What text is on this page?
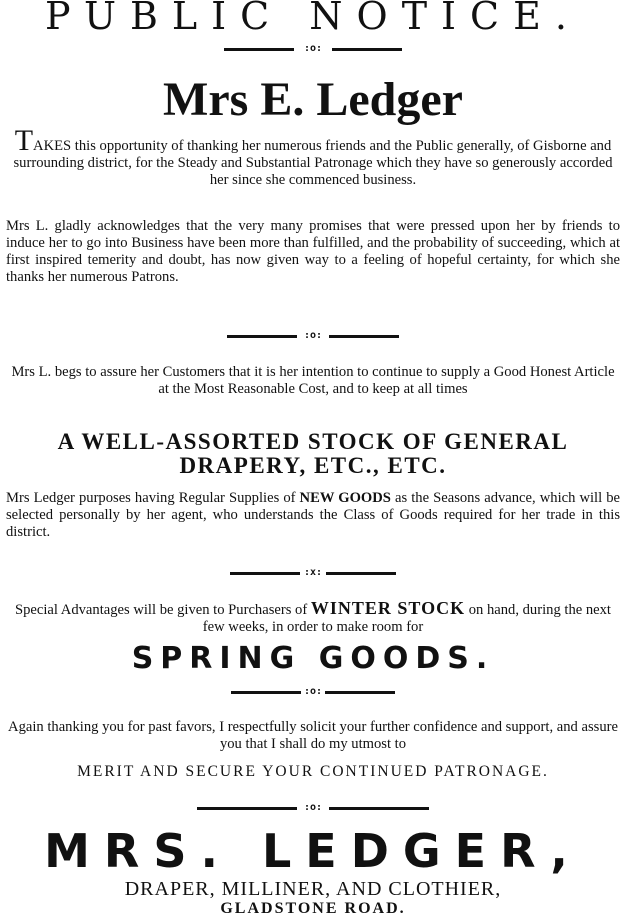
PUBLIC NOTICE.
:o:
Mrs E. Ledger

TAKES this opportunity of thanking her numerous friends and the Public generally, of Gisborne and surrounding district, for the Steady and Substantial Patronage which they have so generously accorded her since she commenced business.

Mrs L. gladly acknowledges that the very many promises that were pressed upon her by friends to induce her to go into Business have been more than fulfilled, and the probability of succeeding, which at first inspired temerity and doubt, has now given way to a feeling of hopeful certainty, for which she thanks her numerous Patrons.

:o:

Mrs L. begs to assure her Customers that it is her intention to continue to supply a Good Honest Article at the Most Reasonable Cost, and to keep at all times

A WELL-ASSORTED STOCK OF GENERAL
DRAPERY, ETC., ETC.

Mrs Ledger purposes having Regular Supplies of NEW GOODS as the Seasons advance, which will be selected personally by her agent, who understands the Class of Goods required for her trade in this district.

:x:

Special Advantages will be given to Purchasers of WINTER STOCK on hand, during the next few weeks, in order to make room for

SPRING GOODS.
:o:

Again thanking you for past favors, I respectfully solicit your further confidence and support, and assure you that I shall do my utmost to

MERIT AND SECURE YOUR CONTINUED PATRONAGE.
:o:
MRS. LEDGER,
DRAPER, MILLINER, AND CLOTHIER,
GLADSTONE ROAD.
